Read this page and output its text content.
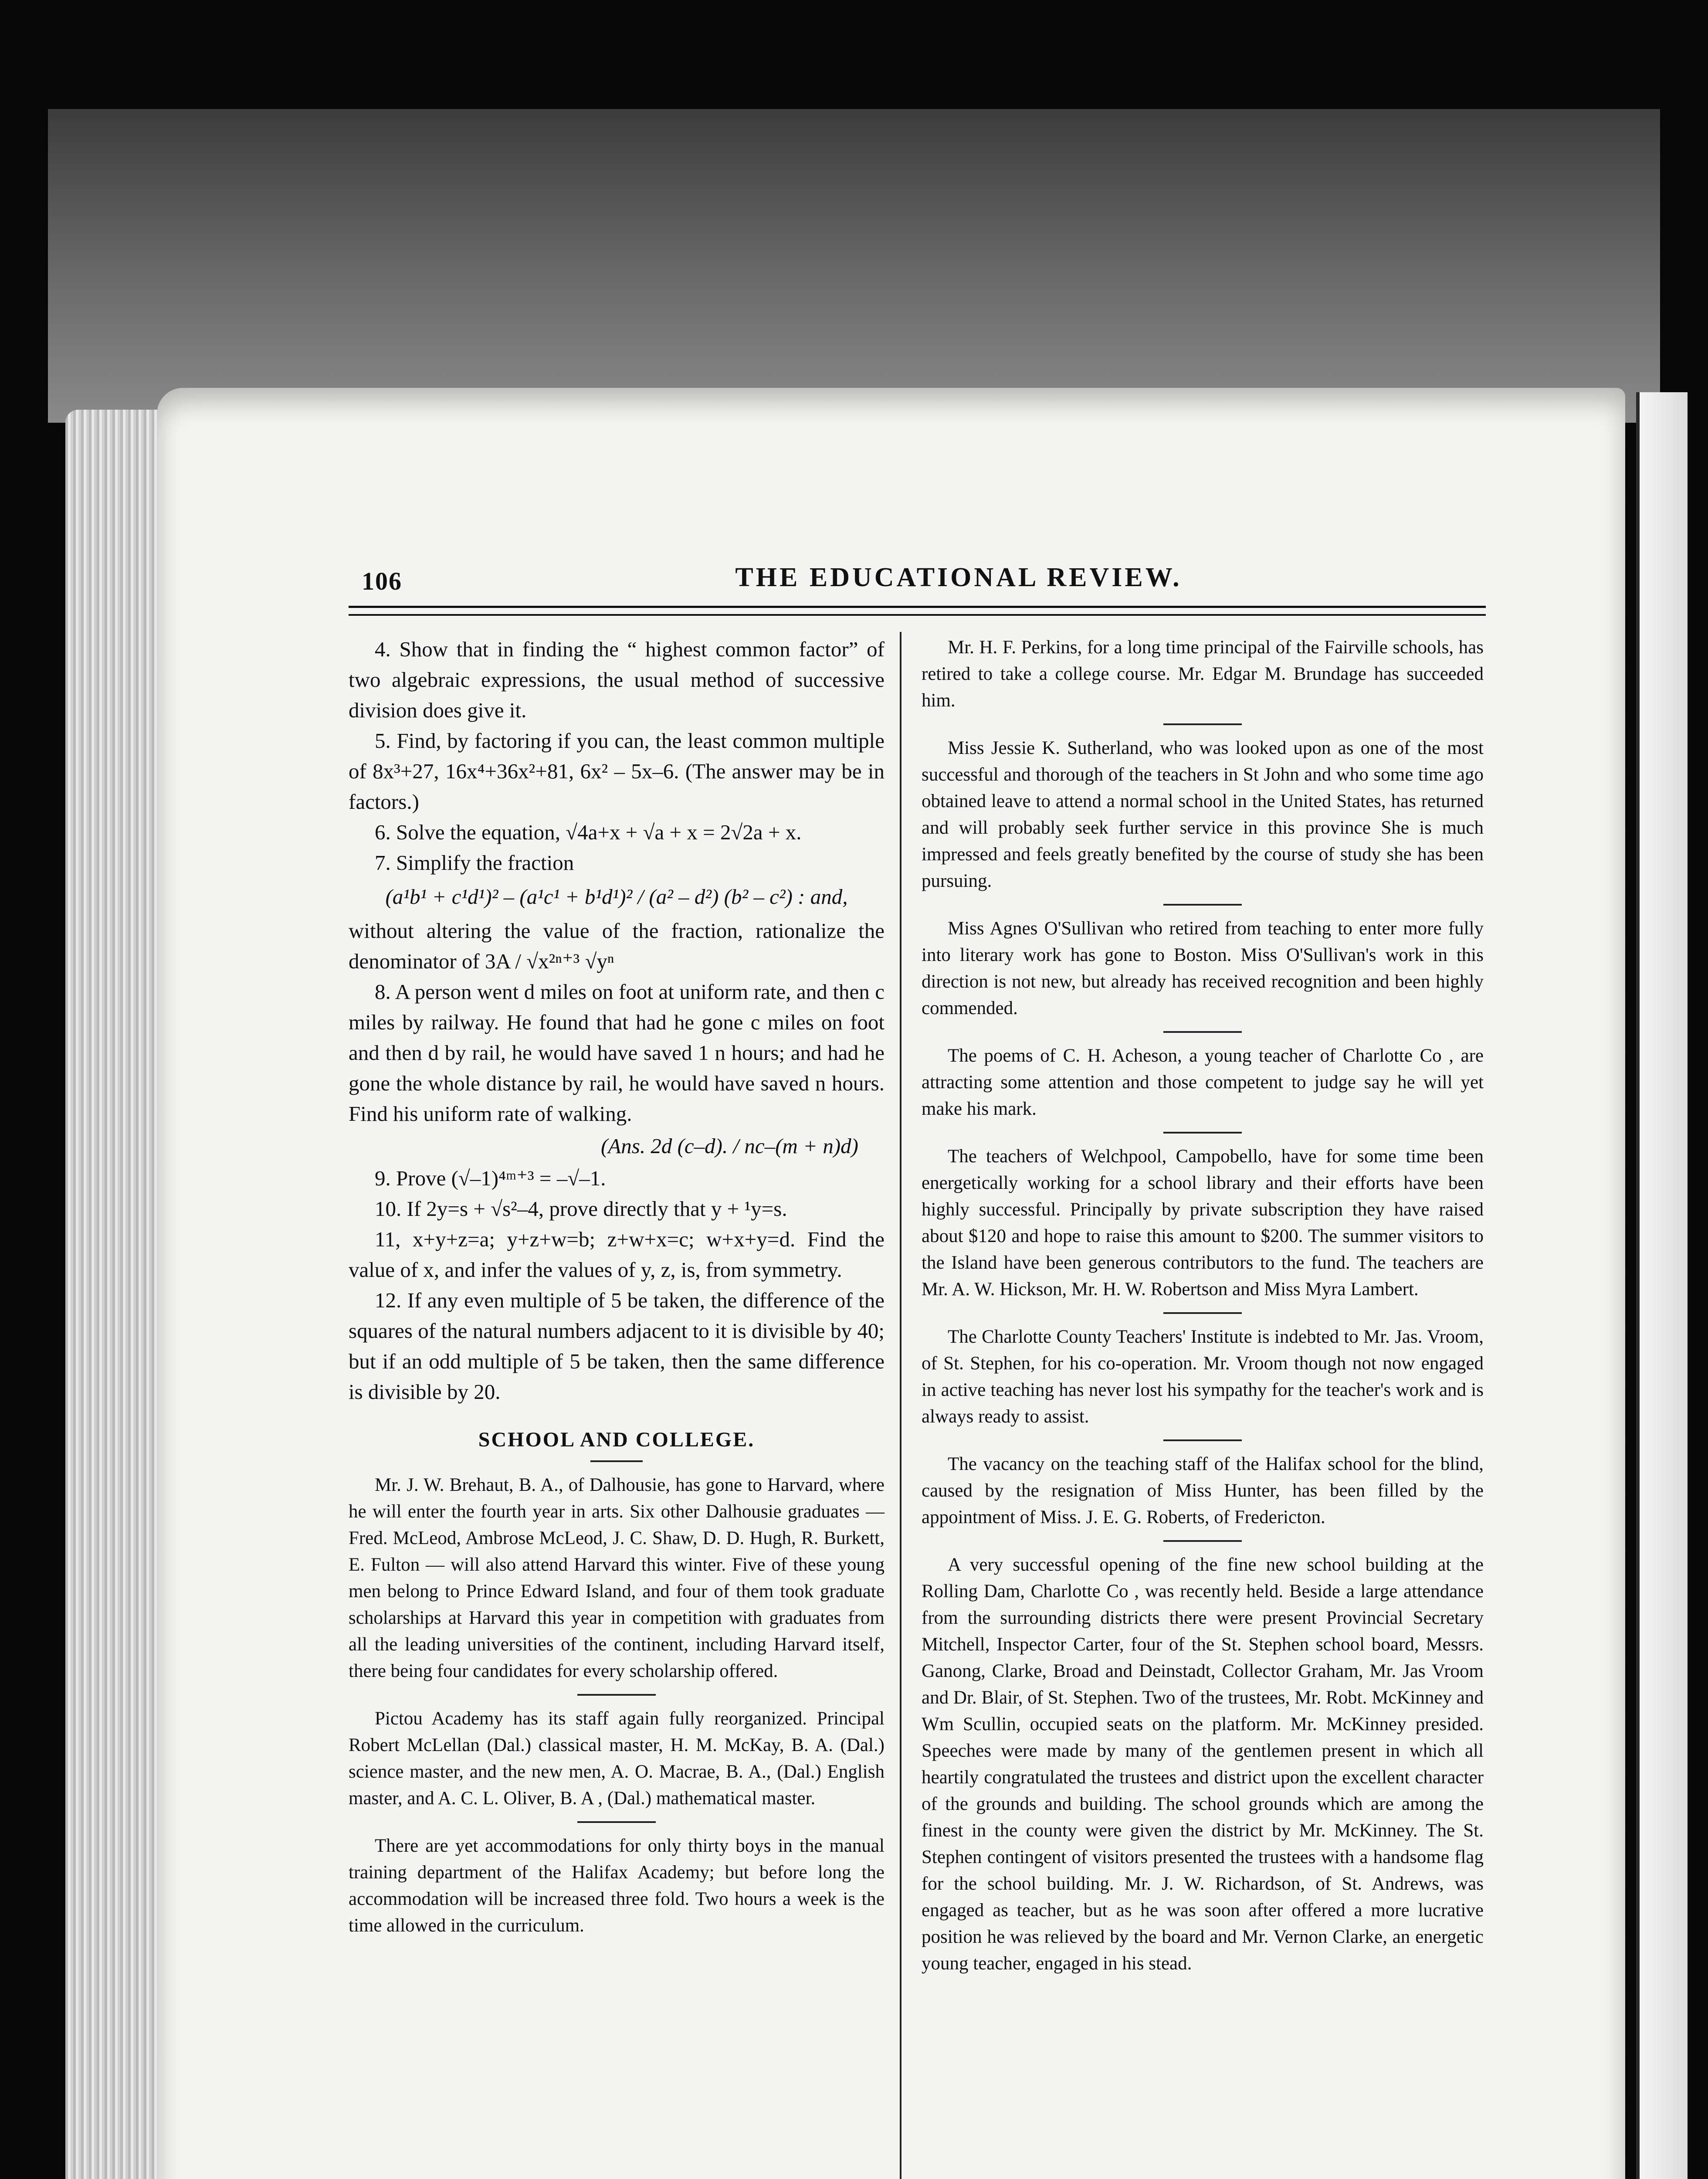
106	THE EDUCATIONAL REVIEW.

4. Show that in finding the “ highest common factor” of two algebraic expressions, the usual method of successive division does give it.

5. Find, by factoring if you can, the least common multiple of 8x³+27, 16x⁴+36x²+81, 6x² – 5x–6. (The answer may be in factors.)

6. Solve the equation, √4a+x + √a + x = 2√2a + x.

7. Simplify the fraction

(a¹b¹ + c¹d¹)² – (a¹c¹ + b¹d¹)² / (a² – d²) (b² – c²) : and,

without altering the value of the fraction, rationalize the denominator of 3A / √x²ⁿ⁺³ √yⁿ

8. A person went d miles on foot at uniform rate, and then c miles by railway. He found that had he gone c miles on foot and then d by rail, he would have saved 1 n hours; and had he gone the whole distance by rail, he would have saved n hours. Find his uniform rate of walking.

(Ans. 2d (c–d). / nc–(m + n)d)

9. Prove (√–1)⁴ᵐ⁺³ = –√–1.

10. If 2y=s + √s²–4, prove directly that y + ¹y=s.

11, x+y+z=a; y+z+w=b; z+w+x=c; w+x+y=d. Find the value of x, and infer the values of y, z, is, from symmetry.

12. If any even multiple of 5 be taken, the difference of the squares of the natural numbers adjacent to it is divisible by 40; but if an odd multiple of 5 be taken, then the same difference is divisible by 20.

SCHOOL AND COLLEGE.

Mr. J. W. Brehaut, B. A., of Dalhousie, has gone to Harvard, where he will enter the fourth year in arts. Six other Dalhousie graduates — Fred. McLeod, Ambrose McLeod, J. C. Shaw, D. D. Hugh, R. Burkett, E. Fulton — will also attend Harvard this winter. Five of these young men belong to Prince Edward Island, and four of them took graduate scholarships at Harvard this year in competition with graduates from all the leading universities of the continent, including Harvard itself, there being four candidates for every scholarship offered.

Pictou Academy has its staff again fully reorganized. Principal Robert McLellan (Dal.) classical master, H. M. McKay, B. A. (Dal.) science master, and the new men, A. O. Macrae, B. A., (Dal.) English master, and A. C. L. Oliver, B. A , (Dal.) mathematical master.

There are yet accommodations for only thirty boys in the manual training department of the Halifax Academy; but before long the accommodation will be increased three fold. Two hours a week is the time allowed in the curriculum.

Mr. H. F. Perkins, for a long time principal of the Fairville schools, has retired to take a college course. Mr. Edgar M. Brundage has succeeded him.

Miss Jessie K. Sutherland, who was looked upon as one of the most successful and thorough of the teachers in St John and who some time ago obtained leave to attend a normal school in the United States, has returned and will probably seek further service in this province She is much impressed and feels greatly benefited by the course of study she has been pursuing.

Miss Agnes O'Sullivan who retired from teaching to enter more fully into literary work has gone to Boston. Miss O'Sullivan's work in this direction is not new, but already has received recognition and been highly commended.

The poems of C. H. Acheson, a young teacher of Charlotte Co , are attracting some attention and those competent to judge say he will yet make his mark.

The teachers of Welchpool, Campobello, have for some time been energetically working for a school library and their efforts have been highly successful. Principally by private subscription they have raised about $120 and hope to raise this amount to $200. The summer visitors to the Island have been generous contributors to the fund. The teachers are Mr. A. W. Hickson, Mr. H. W. Robertson and Miss Myra Lambert.

The Charlotte County Teachers' Institute is indebted to Mr. Jas. Vroom, of St. Stephen, for his co-operation. Mr. Vroom though not now engaged in active teaching has never lost his sympathy for the teacher's work and is always ready to assist.

The vacancy on the teaching staff of the Halifax school for the blind, caused by the resignation of Miss Hunter, has been filled by the appointment of Miss. J. E. G. Roberts, of Fredericton.

A very successful opening of the fine new school building at the Rolling Dam, Charlotte Co , was recently held. Beside a large attendance from the surrounding districts there were present Provincial Secretary Mitchell, Inspector Carter, four of the St. Stephen school board, Messrs. Ganong, Clarke, Broad and Deinstadt, Collector Graham, Mr. Jas Vroom and Dr. Blair, of St. Stephen. Two of the trustees, Mr. Robt. McKinney and Wm Scullin, occupied seats on the platform. Mr. McKinney presided. Speeches were made by many of the gentlemen present in which all heartily congratulated the trustees and district upon the excellent character of the grounds and building. The school grounds which are among the finest in the county were given the district by Mr. McKinney. The St. Stephen contingent of visitors presented the trustees with a handsome flag for the school building. Mr. J. W. Richardson, of St. Andrews, was engaged as teacher, but as he was soon after offered a more lucrative position he was relieved by the board and Mr. Vernon Clarke, an energetic young teacher, engaged in his stead.
